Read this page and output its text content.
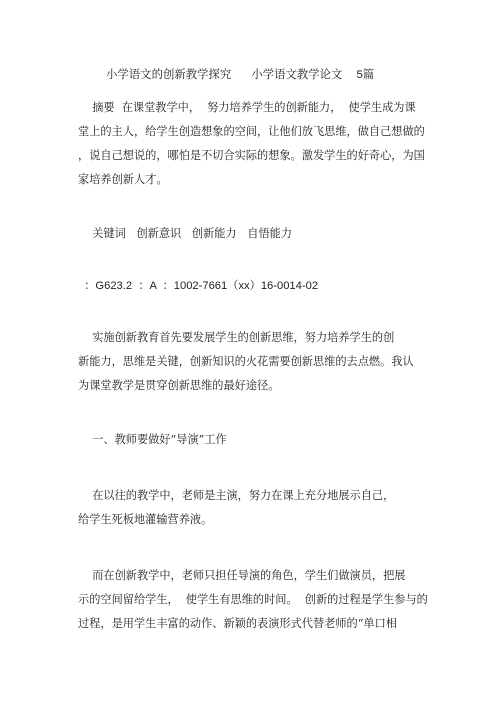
小学语文的创新教学探究 小学语文教学论文 5篇
摘要  在课堂教学中，  努力培养学生的创新能力，  使学生成为课
堂上的主人，给学生创造想象的空间，让他们放飞思维，做自己想做的
，说自己想说的，哪怕是不切合实际的想象。激发学生的好奇心，为国
家培养创新人才。
关键词   创新意识   创新能力   自悟能力
：G623.2  ：A  ：1002-7661（xx）16-0014-02
实施创新教育首先要发展学生的创新思维，努力培养学生的创
新能力，思维是关键，创新知识的火花需要创新思维的去点燃。我认
为课堂教学是贯穿创新思维的最好途径。
一、教师要做好“导演”工作
在以往的教学中，老师是主演，努力在课上充分地展示自己，
给学生死板地灌输营养液。
而在创新教学中，老师只担任导演的角色，学生们做演员，把展
示的空间留给学生，  使学生有思维的时间。  创新的过程是学生参与的
过程，是用学生丰富的动作、新颖的表演形式代替老师的“单口相
